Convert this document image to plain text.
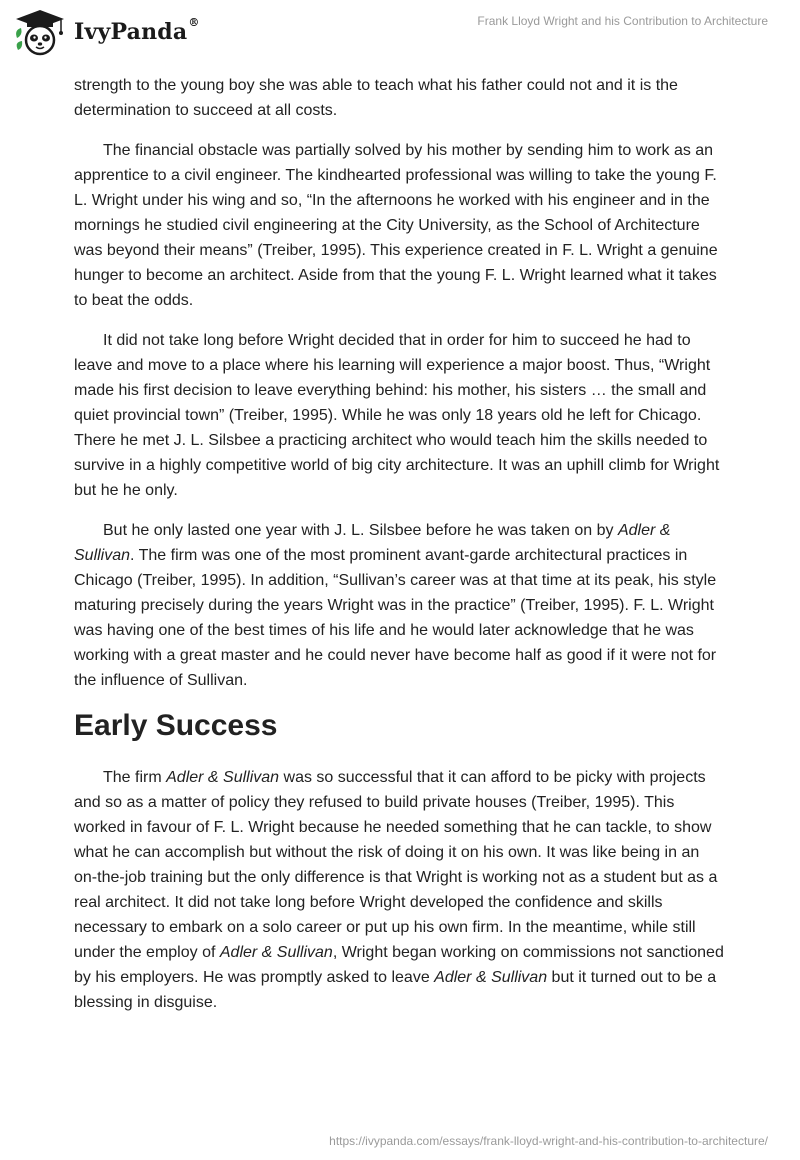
IvyPanda®	Frank Lloyd Wright and his Contribution to Architecture

strength to the young boy she was able to teach what his father could not and it is the determination to succeed at all costs.

The financial obstacle was partially solved by his mother by sending him to work as an apprentice to a civil engineer. The kindhearted professional was willing to take the young F. L. Wright under his wing and so, “In the afternoons he worked with his engineer and in the mornings he studied civil engineering at the City University, as the School of Architecture was beyond their means” (Treiber, 1995). This experience created in F. L. Wright a genuine hunger to become an architect. Aside from that the young F. L. Wright learned what it takes to beat the odds.

It did not take long before Wright decided that in order for him to succeed he had to leave and move to a place where his learning will experience a major boost. Thus, “Wright made his first decision to leave everything behind: his mother, his sisters … the small and quiet provincial town” (Treiber, 1995). While he was only 18 years old he left for Chicago. There he met J. L. Silsbee a practicing architect who would teach him the skills needed to survive in a highly competitive world of big city architecture. It was an uphill climb for Wright but he he only.

But he only lasted one year with J. L. Silsbee before he was taken on by Adler & Sullivan. The firm was one of the most prominent avant-garde architectural practices in Chicago (Treiber, 1995). In addition, “Sullivan’s career was at that time at its peak, his style maturing precisely during the years Wright was in the practice” (Treiber, 1995). F. L. Wright was having one of the best times of his life and he would later acknowledge that he was working with a great master and he could never have become half as good if it were not for the influence of Sullivan.

Early Success

The firm Adler & Sullivan was so successful that it can afford to be picky with projects and so as a matter of policy they refused to build private houses (Treiber, 1995). This worked in favour of F. L. Wright because he needed something that he can tackle, to show what he can accomplish but without the risk of doing it on his own. It was like being in an on-the-job training but the only difference is that Wright is working not as a student but as a real architect. It did not take long before Wright developed the confidence and skills necessary to embark on a solo career or put up his own firm. In the meantime, while still under the employ of Adler & Sullivan, Wright began working on commissions not sanctioned by his employers. He was promptly asked to leave Adler & Sullivan but it turned out to be a blessing in disguise.

https://ivypanda.com/essays/frank-lloyd-wright-and-his-contribution-to-architecture/
